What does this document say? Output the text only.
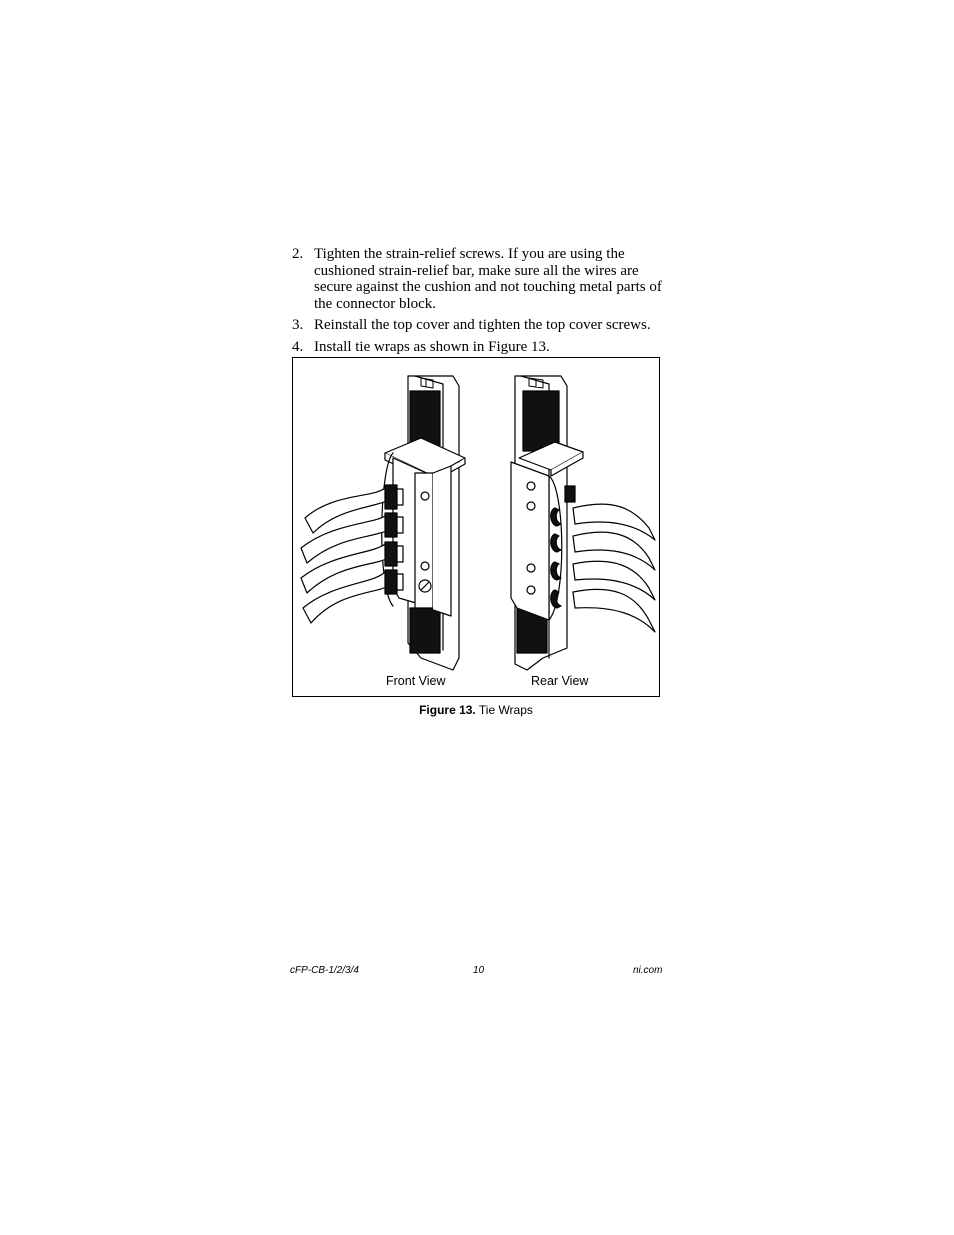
2. Tighten the strain-relief screws. If you are using the cushioned strain-relief bar, make sure all the wires are secure against the cushion and not touching metal parts of the connector block.
3. Reinstall the top cover and tighten the top cover screws.
4. Install tie wraps as shown in Figure 13.
Front View	Rear View
Figure 13. Tie Wraps
cFP-CB-1/2/3/4	10	ni.com
